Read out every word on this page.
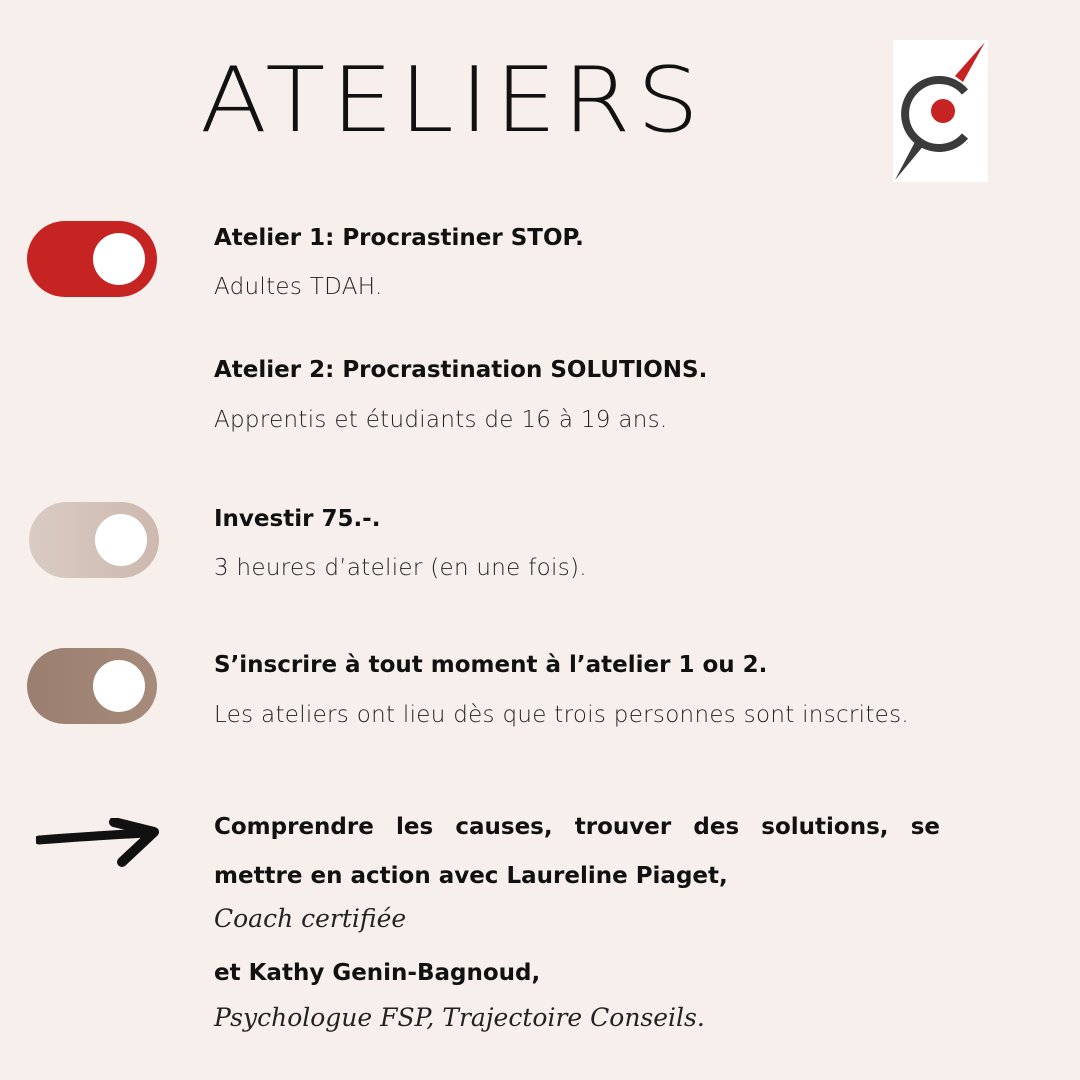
ATELIERS
Atelier 1: Procrastiner STOP.
Adultes TDAH.
Atelier 2: Procrastination SOLUTIONS.
Apprentis et étudiants de 16 à 19 ans.
Investir 75.-.
3 heures d’atelier (en une fois).
S’inscrire à tout moment à l’atelier 1 ou 2.
Les ateliers ont lieu dès que trois personnes sont inscrites.
Comprendre les causes, trouver des solutions, se
mettre en action avec Laureline Piaget,
Coach certifiée
et Kathy Genin-Bagnoud,
Psychologue FSP, Trajectoire Conseils.
